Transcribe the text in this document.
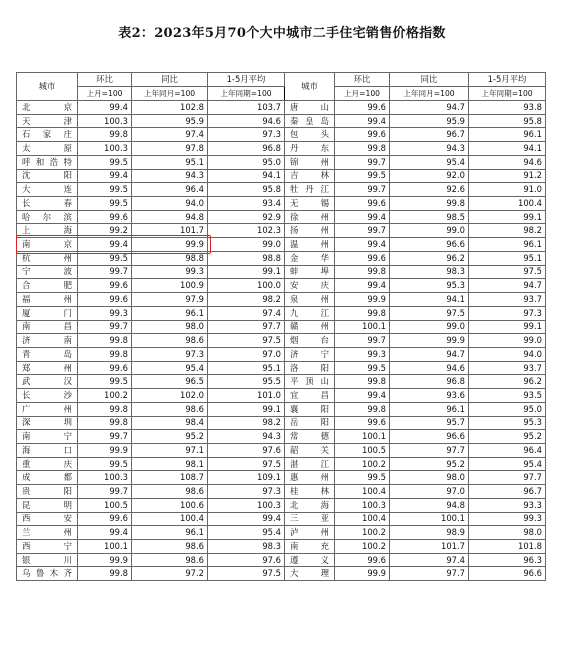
表2：2023年5月70个大中城市二手住宅销售价格指数
城市	环比	同比	1-5月平均	城市	环比	同比	1-5月平均
	上月=100	上年同月=100	上年同期=100		上月=100	上年同月=100	上年同期=100
北 京	99.4	102.8	103.7	唐 山	99.6	94.7	93.8
天 津	100.3	95.9	94.6	秦皇岛	99.4	95.9	95.8
石家庄	99.8	97.4	97.3	包 头	99.6	96.7	96.1
太 原	100.3	97.8	96.8	丹 东	99.8	94.3	94.1
呼和浩特	99.5	95.1	95.0	锦 州	99.7	95.4	94.6
沈 阳	99.4	94.3	94.1	吉 林	99.5	92.0	91.2
大 连	99.5	96.4	95.8	牡丹江	99.7	92.6	91.0
长 春	99.5	94.0	93.4	无 锡	99.6	99.8	100.4
哈尔滨	99.6	94.8	92.9	徐 州	99.4	98.5	99.1
上 海	99.2	101.7	102.3	扬 州	99.7	99.0	98.2
南 京	99.4	99.9	99.0	温 州	99.4	96.6	96.1
杭 州	99.5	98.8	98.8	金 华	99.6	96.2	95.1
宁 波	99.7	99.3	99.1	蚌 埠	99.8	98.3	97.5
合 肥	99.6	100.9	100.0	安 庆	99.4	95.3	94.7
福 州	99.6	97.9	98.2	泉 州	99.9	94.1	93.7
厦 门	99.3	96.1	97.4	九 江	99.8	97.5	97.3
南 昌	99.7	98.0	97.7	赣 州	100.1	99.0	99.1
济 南	99.8	98.6	97.5	烟 台	99.7	99.9	99.0
青 岛	99.8	97.3	97.0	济 宁	99.3	94.7	94.0
郑 州	99.6	95.4	95.1	洛 阳	99.5	94.6	93.7
武 汉	99.5	96.5	95.5	平顶山	99.8	96.8	96.2
长 沙	100.2	102.0	101.0	宜 昌	99.4	93.6	93.5
广 州	99.8	98.6	99.1	襄 阳	99.8	96.1	95.0
深 圳	99.8	98.4	98.2	岳 阳	99.6	95.7	95.3
南 宁	99.7	95.2	94.3	常 德	100.1	96.6	95.2
海 口	99.9	97.1	97.6	韶 关	100.5	97.7	96.4
重 庆	99.5	98.1	97.5	湛 江	100.2	95.2	95.4
成 都	100.3	108.7	109.1	惠 州	99.5	98.0	97.7
贵 阳	99.7	98.6	97.3	桂 林	100.4	97.0	96.7
昆 明	100.5	100.6	100.3	北 海	100.3	94.8	93.3
西 安	99.6	100.4	99.4	三 亚	100.4	100.1	99.3
兰 州	99.4	96.1	95.4	泸 州	100.2	98.9	98.0
西 宁	100.1	98.6	98.3	南 充	100.2	101.7	101.8
银 川	99.9	98.6	97.6	遵 义	99.6	97.4	96.3
乌鲁木齐	99.8	97.2	97.5	大 理	99.9	97.7	96.6
